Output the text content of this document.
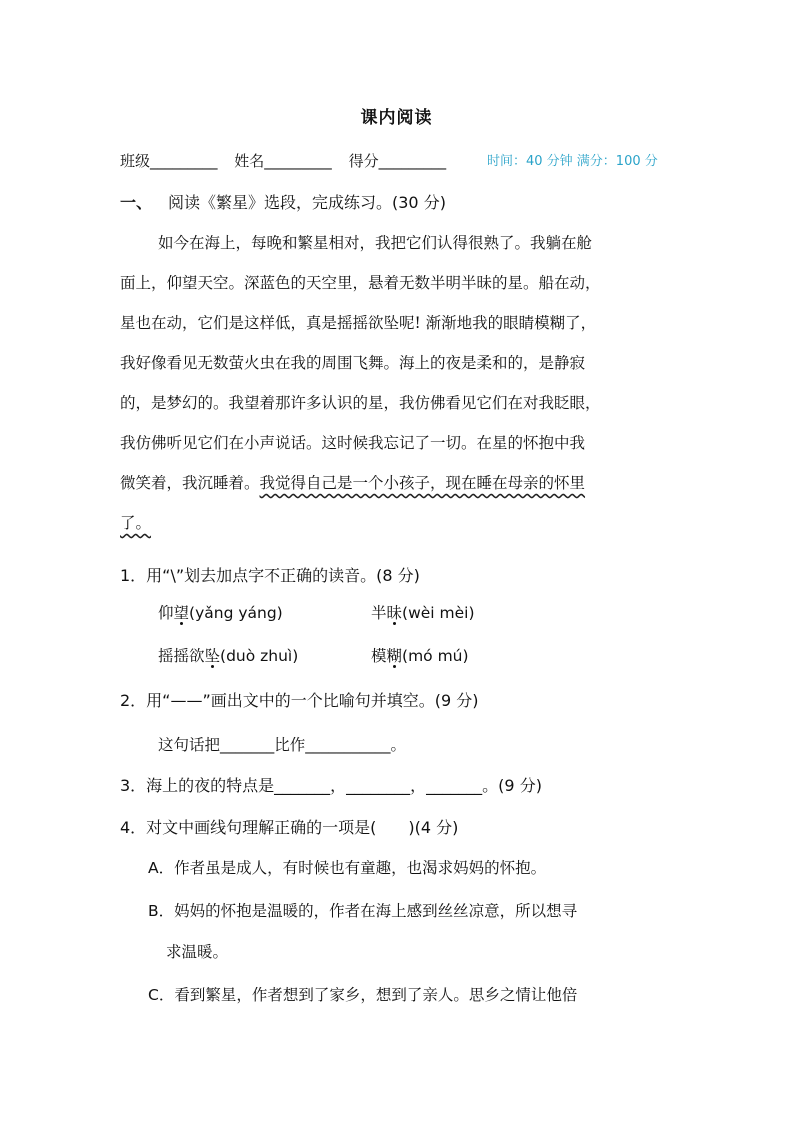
课内阅读
班级_________ 姓名_________ 得分_________	时间：40 分钟 满分：100 分
一、 阅读《繁星》选段，完成练习。(30 分)
如今在海上，每晚和繁星相对，我把它们认得很熟了。我躺在舱
面上，仰望天空。深蓝色的天空里，悬着无数半明半昧的星。船在动，
星也在动，它们是这样低，真是摇摇欲坠呢! 渐渐地我的眼睛模糊了，
我好像看见无数萤火虫在我的周围飞舞。海上的夜是柔和的，是静寂
的，是梦幻的。我望着那许多认识的星，我仿佛看见它们在对我眨眼，
我仿佛听见它们在小声说话。这时候我忘记了一切。在星的怀抱中我
微笑着，我沉睡着。我觉得自己是一个小孩子，现在睡在母亲的怀里
了。
1．用“\”划去加点字不正确的读音。(8 分)
仰望(yǎng yáng)	半昧(wèi mèi)
摇摇欲坠(duò zhuì)	模糊(mó mú)
2．用“——”画出文中的一个比喻句并填空。(9 分)
这句话把_______比作___________。
3．海上的夜的特点是_______，________，_______。(9 分)
4．对文中画线句理解正确的一项是(　　)(4 分)
A．作者虽是成人，有时候也有童趣，也渴求妈妈的怀抱。
B．妈妈的怀抱是温暖的，作者在海上感到丝丝凉意，所以想寻
求温暖。
C．看到繁星，作者想到了家乡，想到了亲人。思乡之情让他倍
